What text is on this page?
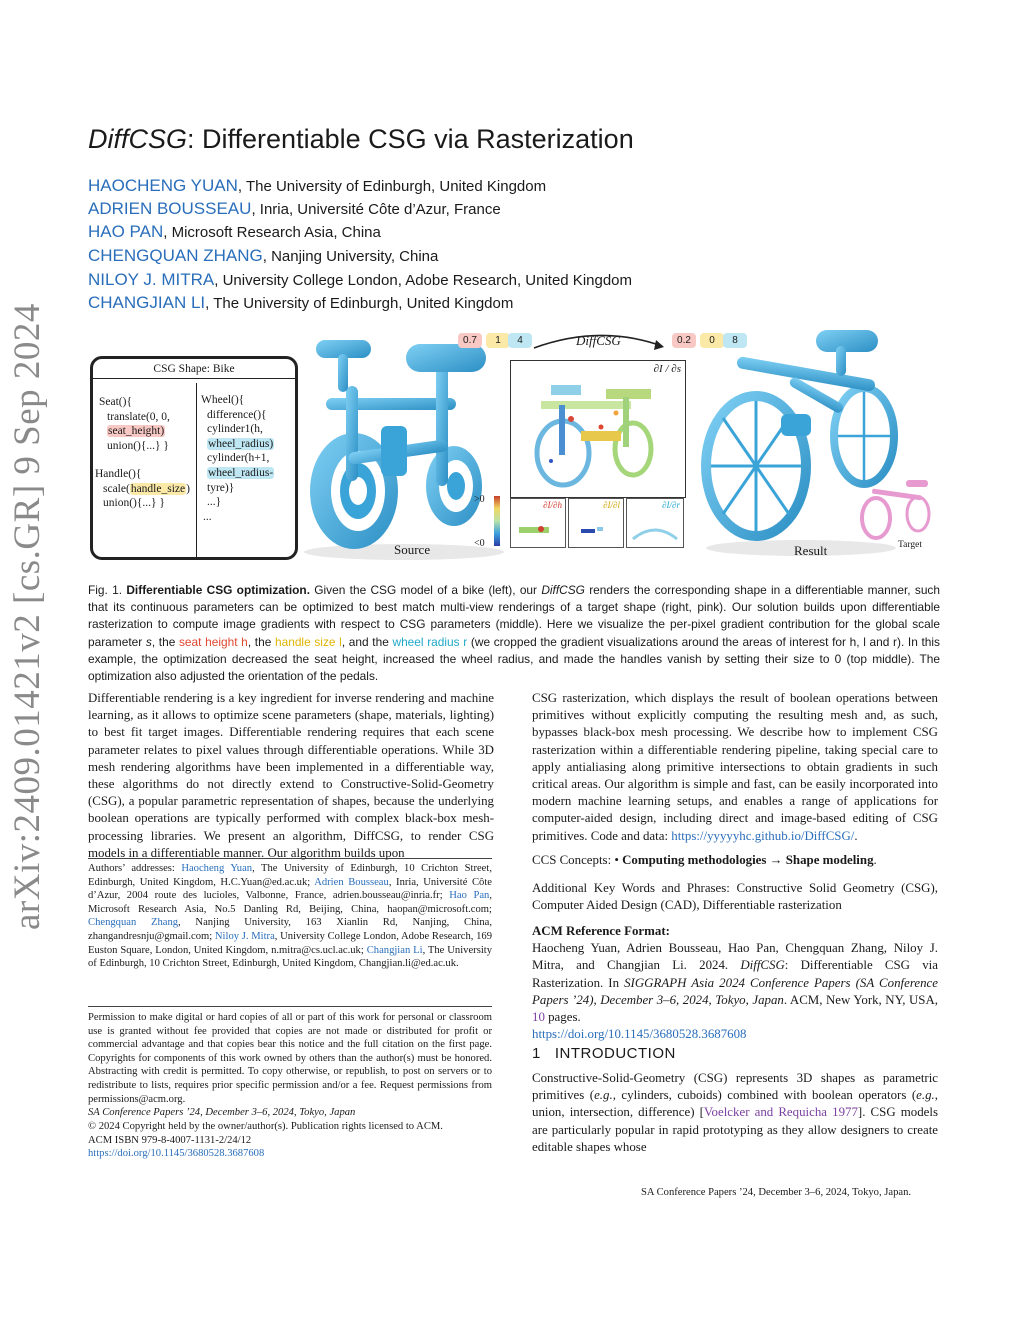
arXiv:2409.01421v2 [cs.GR] 9 Sep 2024
DiffCSG: Differentiable CSG via Rasterization
HAOCHENG YUAN, The University of Edinburgh, United Kingdom
ADRIEN BOUSSEAU, Inria, Université Côte d’Azur, France
HAO PAN, Microsoft Research Asia, China
CHENGQUAN ZHANG, Nanjing University, China
NILOY J. MITRA, University College London, Adobe Research, United Kingdom
CHANGJIAN LI, The University of Edinburgh, United Kingdom
CSG Shape: Bike
Seat(){
translate(0, 0,
seat_height)
union(){...} }
Handle(){
scale(handle_size)
union(){...} }
Wheel(){
difference(){
cylinder1(h,
wheel_radius)
cylinder(h+1,
wheel_radius-
tyre)}
...}
...
0.7	1	4	DiffCSG	0.2	0	8
∂I / ∂s
>0
<0
∂I/∂h	∂I/∂l	∂I/∂r
Source	Result	Target
Fig. 1. Differentiable CSG optimization. Given the CSG model of a bike (left), our DiffCSG renders the corresponding shape in a differentiable manner, such that its continuous parameters can be optimized to best match multi-view renderings of a target shape (right, pink). Our solution builds upon differentiable rasterization to compute image gradients with respect to CSG parameters (middle). Here we visualize the per-pixel gradient contribution for the global scale parameter s, the seat height h, the handle size l, and the wheel radius r (we cropped the gradient visualizations around the areas of interest for h, l and r). In this example, the optimization decreased the seat height, increased the wheel radius, and made the handles vanish by setting their size to 0 (top middle). The optimization also adjusted the orientation of the pedals.
Differentiable rendering is a key ingredient for inverse rendering and machine learning, as it allows to optimize scene parameters (shape, materials, lighting) to best fit target images. Differentiable rendering requires that each scene parameter relates to pixel values through differentiable operations. While 3D mesh rendering algorithms have been implemented in a differentiable way, these algorithms do not directly extend to Constructive-Solid-Geometry (CSG), a popular parametric representation of shapes, because the underlying boolean operations are typically performed with complex black-box mesh-processing libraries. We present an algorithm, DiffCSG, to render CSG models in a differentiable manner. Our algorithm builds upon
Authors’ addresses: Haocheng Yuan, The University of Edinburgh, 10 Crichton Street, Edinburgh, United Kingdom, H.C.Yuan@ed.ac.uk; Adrien Bousseau, Inria, Université Côte d’Azur, 2004 route des lucioles, Valbonne, France, adrien.bousseau@inria.fr; Hao Pan, Microsoft Research Asia, No.5 Danling Rd, Beijing, China, haopan@microsoft.com; Chengquan Zhang, Nanjing University, 163 Xianlin Rd, Nanjing, China, zhangandresnju@gmail.com; Niloy J. Mitra, University College London, Adobe Research, 169 Euston Square, London, United Kingdom, n.mitra@cs.ucl.ac.uk; Changjian Li, The University of Edinburgh, 10 Crichton Street, Edinburgh, United Kingdom, Changjian.li@ed.ac.uk.
Permission to make digital or hard copies of all or part of this work for personal or classroom use is granted without fee provided that copies are not made or distributed for profit or commercial advantage and that copies bear this notice and the full citation on the first page. Copyrights for components of this work owned by others than the author(s) must be honored. Abstracting with credit is permitted. To copy otherwise, or republish, to post on servers or to redistribute to lists, requires prior specific permission and/or a fee. Request permissions from permissions@acm.org.
SA Conference Papers ’24, December 3–6, 2024, Tokyo, Japan
© 2024 Copyright held by the owner/author(s). Publication rights licensed to ACM.
ACM ISBN 979-8-4007-1131-2/24/12
https://doi.org/10.1145/3680528.3687608
CSG rasterization, which displays the result of boolean operations between primitives without explicitly computing the resulting mesh and, as such, bypasses black-box mesh processing. We describe how to implement CSG rasterization within a differentiable rendering pipeline, taking special care to apply antialiasing along primitive intersections to obtain gradients in such critical areas. Our algorithm is simple and fast, can be easily incorporated into modern machine learning setups, and enables a range of applications for computer-aided design, including direct and image-based editing of CSG primitives. Code and data: https://yyyyyhc.github.io/DiffCSG/.
CCS Concepts: • Computing methodologies → Shape modeling.
Additional Key Words and Phrases: Constructive Solid Geometry (CSG), Computer Aided Design (CAD), Differentiable rasterization
ACM Reference Format:
Haocheng Yuan, Adrien Bousseau, Hao Pan, Chengquan Zhang, Niloy J. Mitra, and Changjian Li. 2024. DiffCSG: Differentiable CSG via Rasterization. In SIGGRAPH Asia 2024 Conference Papers (SA Conference Papers ’24), December 3–6, 2024, Tokyo, Japan. ACM, New York, NY, USA, 10 pages.
https://doi.org/10.1145/3680528.3687608
1 INTRODUCTION
Constructive-Solid-Geometry (CSG) represents 3D shapes as parametric primitives (e.g., cylinders, cuboids) combined with boolean operators (e.g., union, intersection, difference) [Voelcker and Requicha 1977]. CSG models are particularly popular in rapid prototyping as they allow designers to create editable shapes whose
SA Conference Papers ’24, December 3–6, 2024, Tokyo, Japan.
